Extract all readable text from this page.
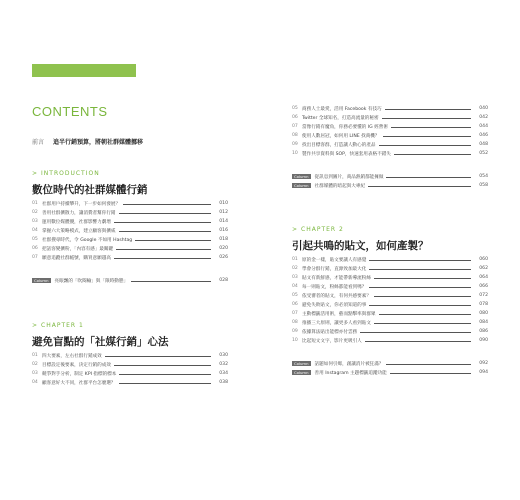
CONTENTS
前言 追半行銷預算，將朝社群媒體挪移
> INTRODUCTION
數位時代的社群媒體行銷
01 社群用戶持續攀升，下一步如何發展？	010
02 善用社群擴散力，讓消費者幫你行銷	012
03 運用數位媒體優，社群影響力劇增	014
04 掌握六大策略模式，建立顧客與擴威	016
05 社群搜尋時代，令 Google 不如用 Hashtag	018
06 把話客變擴粉，「內容有感」最關鍵	020
07 願意追蹤社群帳號，購買意願越高	026
Column	亮眼飄的「吹閱輸」與「限時動態」	028
> CHAPTER 1
避免盲點的「社媒行銷」心法
01 四大要素，左右社群行銷成效	030
02 目標設定後要素，決定行銷的成效	032
03 競爭對手分析，制定 KPI 指標的標本	034
04 顧客意好大不同，社群平台怎麼選？	038
05 商務人士最愛，活用 Facebook 有技巧	040
06 Twitter 全球知名，打造高流量的秘密	042
07 當像行銷有魔角，你務必要懂的 IG 經營術	044
08 使用人數居冠，如何用 LINE 找商機？	046
09 找出目標客群，打造讓人動心的產品	048
10 製作共享資料與 SOP，快速套用表格不錯失	052
Column	從訊息到圖片，商品熱銷都能擁做	054
Column	社群媒體的暗起與大專紀	058
> CHAPTER 2
引起共鳴的貼文，如何產製？
01 原的金一樣，貼文要讓人有感覺	060
02 學會分群行銷，直源致加最大化	062
03 貼文有新鮮感，才能帶新導流粉絲	064
04 每一則貼文，粉絲都能看到嗎？	066
05 依受審者的貼文，有何共感要素？	072
06 避免失敗貼文，你必須知道的事	078
07 主動標籤活用術，藝而點擊率與群眾	080
08 推播三大原則，讓更多人看到貼文	084
09 依據算法貼出能標亦付雲務	086
10 比起短文文字，影片更吸引人	090
Column	話題如何引爆，創讓消片被狂滿？	092
Column	善用 Instagram 主題標籤追蹤功能	094
